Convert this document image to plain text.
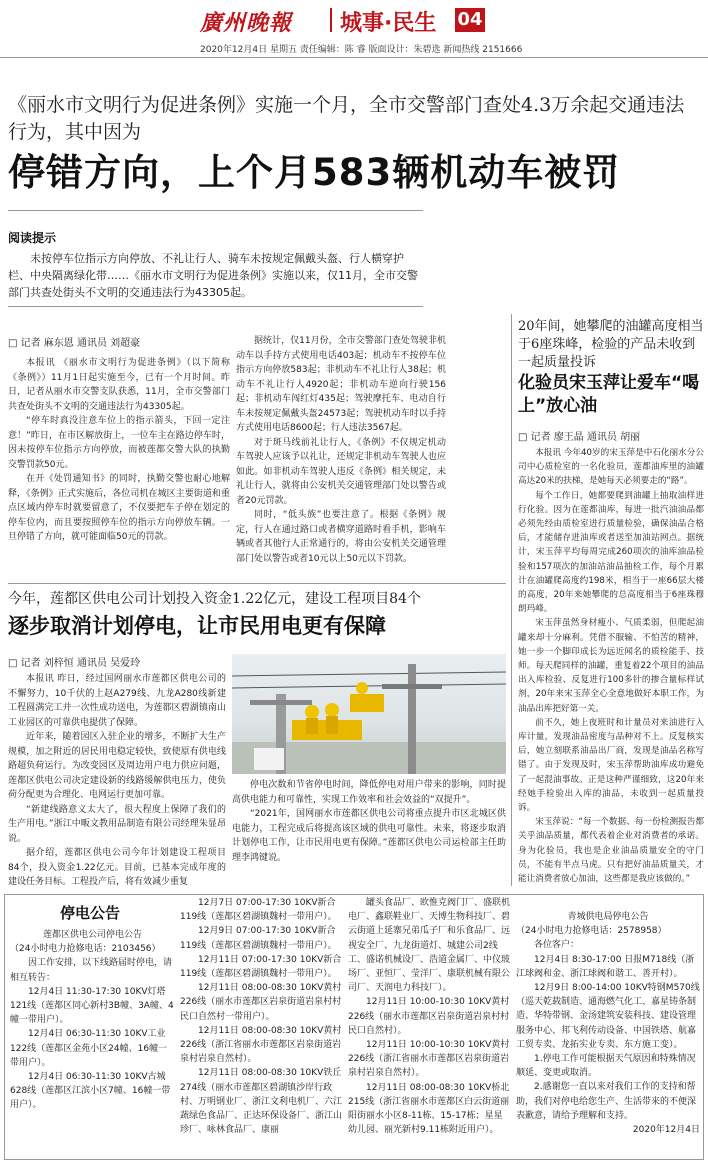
廣州晚報 城事·民生 04
2020年12月4日 星期五 责任编辑：陈 睿 版面设计：朱碧选 新闻热线 2151666
《丽水市文明行为促进条例》实施一个月，全市交警部门查处4.3万余起交通违法行为，其中因为
停错方向，上个月583辆机动车被罚
阅读提示
未按停车位指示方向停放、不礼让行人、骑车未按规定佩戴头盔、行人横穿护栏、中央隔离绿化带……《丽水市文明行为促进条例》实施以来，仅11月，全市交警部门共查处街头不文明的交通违法行为43305起。
□ 记者 麻东恩 通讯员 刘超豪

本报讯 《丽水市文明行为促进条例》（以下简称《条例》）11月1日起实施至今，已有一个月时间。昨日，记者从丽水市交警支队获悉，11月，全市交警部门共查处街头不文明的交通违法行为43305起。

“停车时真没注意车位上的指示箭头，下回一定注意！”昨日，在市区解放街上，一位车主在路边停车时，因未按停车位指示方向停放，而被莲都交警大队的执勤交警罚款50元。

在开《处罚通知书》的同时，执勤交警也耐心地解释，《条例》正式实施后，各位司机在城区主要街道和重点区域内停车时就要留意了，不仅要把车子停在划定的停车位内，而且要按照停车位的指示方向停放车辆。一旦停错了方向，就可能面临50元的罚款。

据统计，仅11月份，全市交警部门查处驾驶非机动车以手持方式使用电话403起；机动车不按停车位指示方向停放583起；非机动车不礼让行人38起；机动车不礼让行人4920起；非机动车逆向行驶156起；非机动车闯红灯435起；驾驶摩托车、电动自行车未按规定佩戴头盔24573起；驾驶机动车时以手持方式使用电话8600起；行人违法3567起。

对于斑马线前礼让行人，《条例》不仅规定机动车驾驶人应该予以礼让，还规定非机动车驾驶人也应如此。如非机动车驾驶人违反《条例》相关规定，未礼让行人，就将由公安机关交通管理部门处以警告或者20元罚款。

同时，“低头族”也要注意了。根据《条例》规定，行人在通过路口或者横穿道路时看手机，影响车辆或者其他行人正常通行的，将由公安机关交通管理部门处以警告或者10元以上50元以下罚款。

20年间，她攀爬的油罐高度相当于6座珠峰，检验的产品未收到一起质量投诉
化验员宋玉萍让爱车“喝上”放心油
□ 记者 廖王晶 通讯员 胡丽

本报讯 今年40岁的宋玉萍是中石化丽水分公司中心质检室的一名化验员，莲都油库里的油罐高达20米的扶梯，是她每天必须要走的“路”。

每个工作日，她都要爬到油罐上抽取油样进行化验。因为在莲都油库，每进一批汽油油品都必须先经由质检室进行质量检验，确保油品合格后，才能储存进油库或者送至加油站网点。据统计，宋玉萍平均每周完成260项次的油库油品检验和157项次的加油站油品抽检工作，每个月累计在油罐爬高度约198米，相当于一座66层大楼的高度，20年来她攀爬的总高度相当于6座珠穆朗玛峰。

宋玉萍虽然身材瘦小、气质柔弱，但爬起油罐来却十分麻利。凭借不服输、不怕苦的精神，她一步一个脚印成长为远近闻名的质检能手、技师。每天爬同样的油罐，重复着22个项目的油品出入库检验、反复进行100多针的掺合量标样试剂，20年来宋玉萍全心全意地做好本职工作，为油品出库把好第一关。

前不久，她上夜班时和计量员对来油进行入库计量，发现油品密度与品种对不上。反复核实后，她立刻联系油品出厂商，发现是油品名称写错了。由于发现及时，宋玉萍帮助油库成功避免了一起混油事故。正是这种严谨细致，这20年来经她手检验出入库的油品，未收到一起质量投诉。

宋玉萍说：“每一个数据、每一份检测报告都关乎油品质量，都代表着企业对消费者的承诺。身为化验员，我也是企业油品质量安全的守门员，不能有半点马虎。只有把好油品质量关，才能让消费者放心加油，这些都是我应该做的。”

今年，莲都区供电公司计划投入资金1.22亿元，建设工程项目84个
逐步取消计划停电，让市民用电更有保障
□ 记者 刘梓恒 通讯员 吴爱玲

本报讯 昨日，经过国网丽水市莲都区供电公司的不懈努力，10千伏的上赵A279线、九龙A280线新建工程圆满完工并一次性成功送电，为莲都区碧湖镇南山工业园区的可靠供电提供了保障。

近年来，随着园区入驻企业的增多，不断扩大生产规模，加之附近的居民用电稳定较快，致使原有供电线路超负荷运行。为改变园区及周边用户电力供应问题，莲都区供电公司决定建设新的线路缓解供电压力，使负荷分配更为合理化、电网运行更加可靠。

“新建线路意义太大了，很大程度上保障了我们的生产用电。”浙江中畈文教用品制造有限公司经理朱显昂说。

据介绍，莲都区供电公司今年计划建设工程项目84个，投入资金1.22亿元。目前，已基本完成年度的建设任务目标。工程投产后，将有效减少重复

停电次数和节省停电时间，降低停电对用户带来的影响，同时提高供电能力和可靠性，实现工作效率和社会效益的“双提升”。

“2021年，国网丽水市莲都区供电公司将重点提升市区北城区供电能力，工程完成后将提高该区域的供电可靠性。未来，将逐步取消计划停电工作，让市民用电更有保障。”莲都区供电公司运检部主任助理李鸿键说。

停电公告
莲都区供电公司停电公告
（24小时电力抢修电话：2103456）

因工作安排，以下线路届时停电，请相互转告：

12月4日 11:30-17:30 10KV灯塔121线（莲都区同心新村3B幢、3A幢、4幢一带用户）。

12月4日 06:30-11:30 10KV工业122线（莲都区金苑小区24幢、16幢一带用户）。

12月4日 06:30-11:30 10KV古城628线（莲都区江滨小区7幢、16幢一带用户）。

12月7日 07:00-17:30 10KV新合119线（莲都区碧湖镇魏村一带用户）。

12月9日 07:00-17:30 10KV新合119线（莲都区碧湖镇魏村一带用户）。

12月11日 07:00-17:30 10KV新合119线（莲都区碧湖镇魏村一带用户）。

12月11日 08:00-08:30 10KV黄村226线（丽水市莲都区岩泉街道岩泉村村民口自然村一带用户）。

12月11日 08:00-08:30 10KV黄村226线（浙江省丽水市莲都区岩泉街道岩泉村岩泉自然村）。

12月11日 08:00-08:30 10KV铁丘274线（丽水市莲都区碧湖镇沙岸行政村、万明钢业厂、浙江文利电机厂、六江蔬绿色食品厂、正达环保设备厂、浙江山珍厂、咏林食品厂、康丽

罐头食品厂、欧惟克阀门厂、盛联机电厂、鑫联鞋业厂、天博生物科技厂、碧云街道上延寨兄弟瓜子厂和乐食品厂、远视安全厂、九龙街道灯、城建公司2线工、盛诺机械设厂、浩道金属厂、中仪玻场厂、亚恒厂、莹洋厂、康联机械有限公司厂、天润电力科技厂）。

12月11日 10:00-10:30 10KV黄村226线（丽水市莲都区岩泉街道岩泉村村民口自然村）。

12月11日 10:00-10:30 10KV黄村226线（浙江省丽水市莲都区岩泉街道岩泉村岩泉自然村）。

12月11日 08:00-08:30 10KV桥北215线（浙江省丽水市莲都区白云街道丽阳街丽水小区8-11栋、15-17栋；星星幼儿园、丽光新村9.11栋附近用户）。

青城供电局停电公告
（24小时电力抢修电话：2578958）

各位客户：

12月4日 8:30-17:00 日报M718线（浙江球阀和金、浙江球阀和谐工、善开村）。

12月9日 8:00-14:00 10KV特钢M570线（巡天乾载制造、通海燃气化工、嘉星铸条制造、华特带钢、金汤建筑安装科技、建设管理服务中心、邦飞利传动设备、中国铁塔、航嘉工贸专卖、龙拓实业专卖、东方施工变）。

1.停电工作可能根据天气原因和特殊情况顺延、变更或取消。

2.感谢您一直以来对我们工作的支持和帮助，我们对停电给您生产、生活带来的不便深表歉意，请给予理解和支持。

2020年12月4日
